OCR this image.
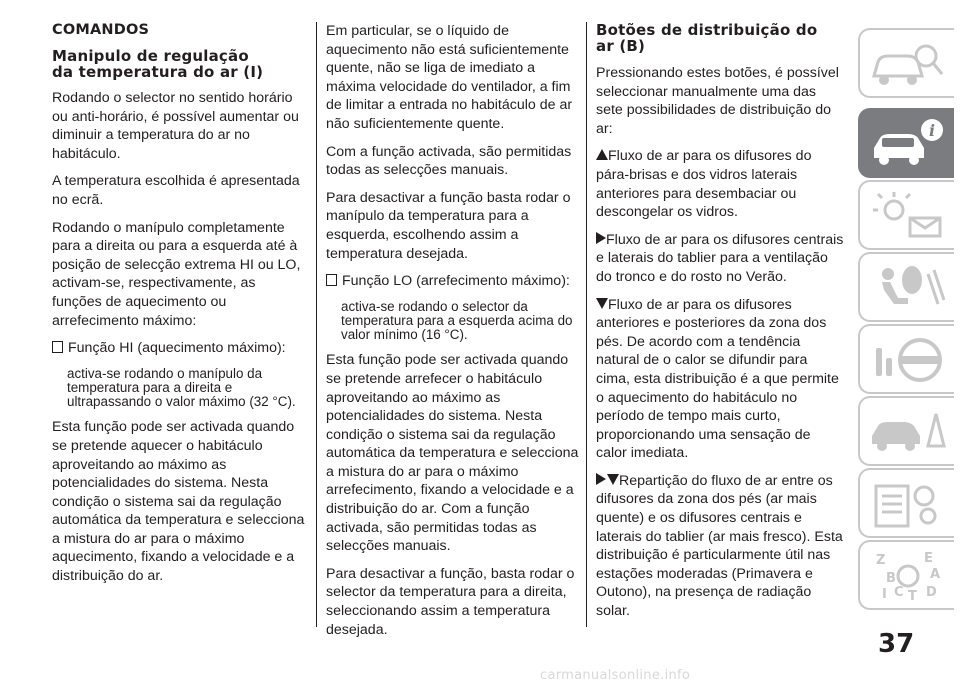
COMANDOS

Manipulo de regulação
da temperatura do ar (I)

Rodando o selector no sentido horário ou anti-horário, é possível aumentar ou diminuir a temperatura do ar no habitáculo.

A temperatura escolhida é apresentada no ecrã.

Rodando o manípulo completamente para a direita ou para a esquerda até à posição de selecção extrema HI ou LO, activam-se, respectivamente, as funções de aquecimento ou arrefecimento máximo:

Função HI (aquecimento máximo):

activa-se rodando o manípulo da temperatura para a direita e ultrapassando o valor máximo (32 °C).

Esta função pode ser activada quando se pretende aquecer o habitáculo aproveitando ao máximo as potencialidades do sistema. Nesta condição o sistema sai da regulação automática da temperatura e selecciona a mistura do ar para o máximo aquecimento, fixando a velocidade e a distribuição do ar.

Em particular, se o líquido de aquecimento não está suficientemente quente, não se liga de imediato a máxima velocidade do ventilador, a fim de limitar a entrada no habitáculo de ar não suficientemente quente.

Com a função activada, são permitidas todas as selecções manuais.

Para desactivar a função basta rodar o manípulo da temperatura para a esquerda, escolhendo assim a temperatura desejada.

Função LO (arrefecimento máximo):

activa-se rodando o selector da temperatura para a esquerda acima do valor mínimo (16 °C).

Esta função pode ser activada quando se pretende arrefecer o habitáculo aproveitando ao máximo as potencialidades do sistema. Nesta condição o sistema sai da regulação automática da temperatura e selecciona a mistura do ar para o máximo arrefecimento, fixando a velocidade e a distribuição do ar. Com a função activada, são permitidas todas as selecções manuais.

Para desactivar a função, basta rodar o selector da temperatura para a direita, seleccionando assim a temperatura desejada.

Botões de distribuição do
ar (B)

Pressionando estes botões, é possível seleccionar manualmente uma das sete possibilidades de distribuição do ar:

Fluxo de ar para os difusores do pára-brisas e dos vidros laterais anteriores para desembaciar ou descongelar os vidros.

Fluxo de ar para os difusores centrais e laterais do tablier para a ventilação do tronco e do rosto no Verão.

Fluxo de ar para os difusores anteriores e posteriores da zona dos pés. De acordo com a tendência natural de o calor se difundir para cima, esta distribuição é a que permite o aquecimento do habitáculo no período de tempo mais curto, proporcionando uma sensação de calor imediata.

Repartição do fluxo de ar entre os difusores da zona dos pés (ar mais quente) e os difusores centrais e laterais do tablier (ar mais fresco). Esta distribuição é particularmente útil nas estações moderadas (Primavera e Outono), na presença de radiação solar.

i
Z	E
B	A
I C T D
37
carmanualsonline.info
